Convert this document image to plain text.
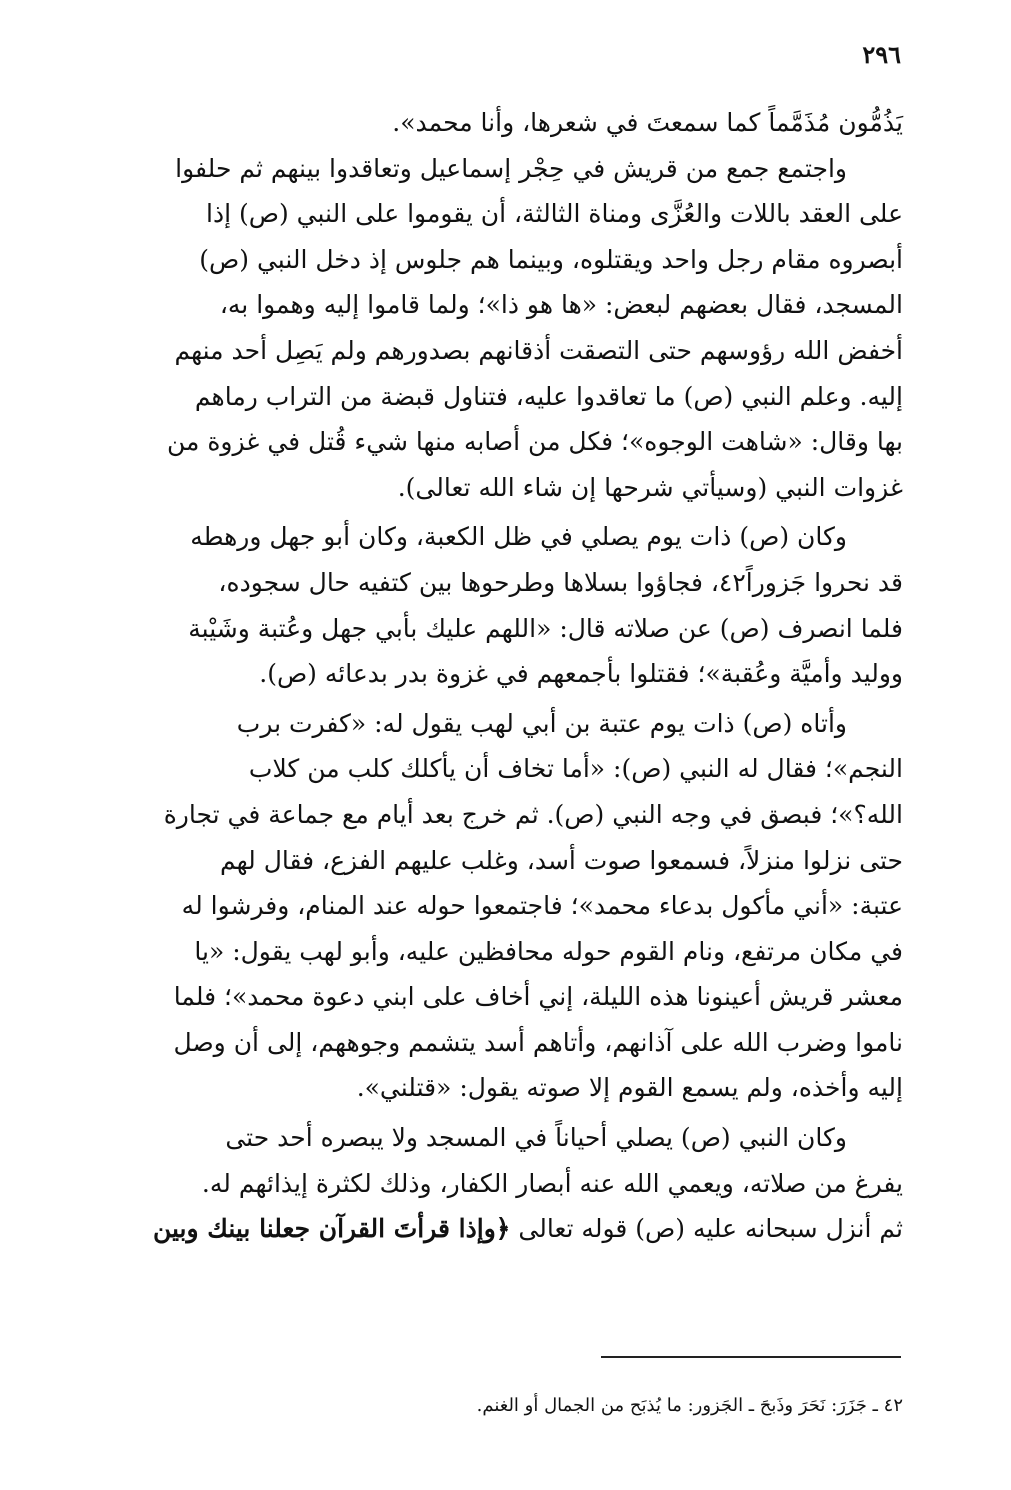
٢٩٦
يَذُمُّون مُذَمَّماً كما سمعتَ في شعرها، وأنا محمد».
واجتمع جمع من قريش في حِجْر إسماعيل وتعاقدوا بينهم ثم حلفوا
على العقد باللات والعُزَّى ومناة الثالثة، أن يقوموا على النبي (ص) إذا
أبصروه مقام رجل واحد ويقتلوه، وبينما هم جلوس إذ دخل النبي (ص)
المسجد، فقال بعضهم لبعض: «ها هو ذا»؛ ولما قاموا إليه وهموا به،
أخفض الله رؤوسهم حتى التصقت أذقانهم بصدورهم ولم يَصِل أحد منهم
إليه. وعلم النبي (ص) ما تعاقدوا عليه، فتناول قبضة من التراب رماهم
بها وقال: «شاهت الوجوه»؛ فكل من أصابه منها شيء قُتل في غزوة من
غزوات النبي (وسيأتي شرحها إن شاء الله تعالى).
وكان (ص) ذات يوم يصلي في ظل الكعبة، وكان أبو جهل ورهطه
قد نحروا جَزوراً٤٢، فجاؤوا بسلاها وطرحوها بين كتفيه حال سجوده،
فلما انصرف (ص) عن صلاته قال: «اللهم عليك بأبي جهل وعُتبة وشَيْبة
ووليد وأميَّة وعُقبة»؛ فقتلوا بأجمعهم في غزوة بدر بدعائه (ص).
وأتاه (ص) ذات يوم عتبة بن أبي لهب يقول له: «كفرت برب
النجم»؛ فقال له النبي (ص): «أما تخاف أن يأكلك كلب من كلاب
الله؟»؛ فبصق في وجه النبي (ص). ثم خرج بعد أيام مع جماعة في تجارة
حتى نزلوا منزلاً، فسمعوا صوت أسد، وغلب عليهم الفزع، فقال لهم
عتبة: «أني مأكول بدعاء محمد»؛ فاجتمعوا حوله عند المنام، وفرشوا له
في مكان مرتفع، ونام القوم حوله محافظين عليه، وأبو لهب يقول: «يا
معشر قريش أعينونا هذه الليلة، إني أخاف على ابني دعوة محمد»؛ فلما
ناموا وضرب الله على آذانهم، وأتاهم أسد يتشمم وجوههم، إلى أن وصل
إليه وأخذه، ولم يسمع القوم إلا صوته يقول: «قتلني».
وكان النبي (ص) يصلي أحياناً في المسجد ولا يبصره أحد حتى
يفرغ من صلاته، ويعمي الله عنه أبصار الكفار، وذلك لكثرة إيذائهم له.
ثم أنزل سبحانه عليه (ص) قوله تعالى ﴿وإذا قرأتَ القرآن جعلنا بينك وبين
٤٢ ـ جَزَرَ: نَحَرَ وذَبحَ ـ الجَزور: ما يُذبَح من الجمال أو الغنم.
